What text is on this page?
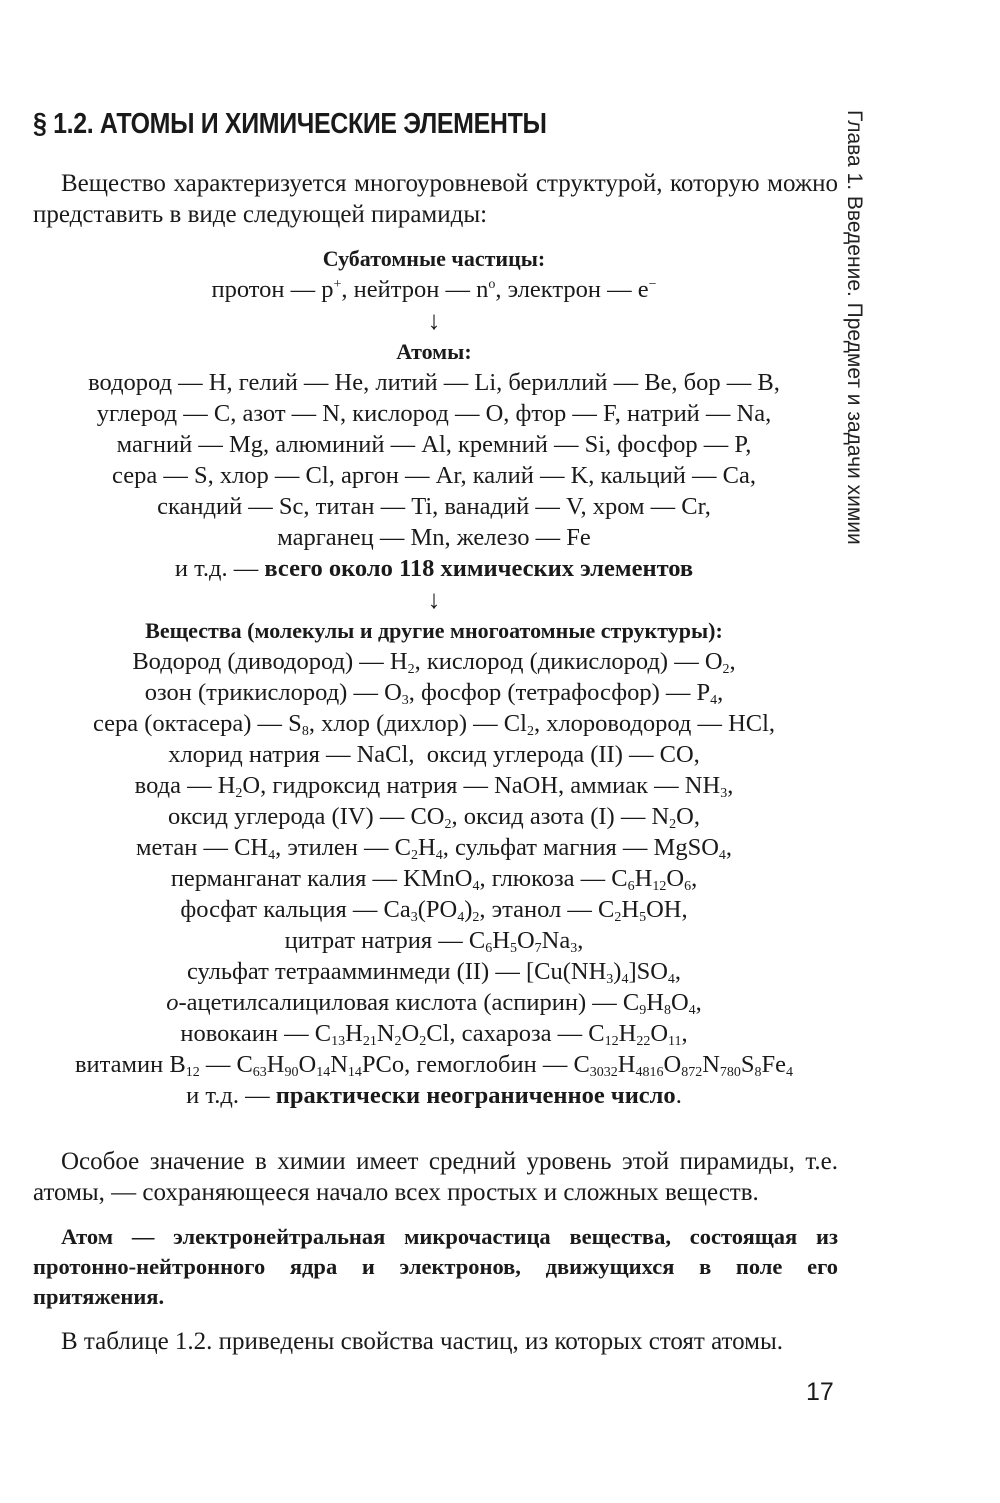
§ 1.2. АТОМЫ И ХИМИЧЕСКИЕ ЭЛЕМЕНТЫ	Глава 1. Введение. Предмет и задачи химии

Вещество характеризуется многоуровневой структурой, которую можно представить в виде следующей пирамиды:

Субатомные частицы:
протон — p+, нейтрон — $n^o$, электрон — e−
↓
Атомы:
водород — H, гелий — He, литий — Li, бериллий — Be, бор — B,
углерод — C, азот — N, кислород — O, фтор — F, натрий — Na,
магний — Mg, алюминий — Al, кремний — Si, фосфор — P,
сера — S, хлор — Cl, аргон — Ar, калий — K, кальций — Ca,
скандий — Sc, титан — Ti, ванадий — V, хром — Cr,
марганец — Mn, железо — Fe
и т.д. — всего около 118 химических элементов
↓
Вещества (молекулы и другие многоатомные структуры):
Водород (диводород) — $H_2$, кислород (дикислород) — $O_2$,
озон (трикислород) — $O_3$, фосфор (тетрафосфор) — $P_4$,
сера (октасера) — $S_8$, хлор (дихлор) — $Cl_2$, хлороводород — HCl,
хлорид натрия — NaCl,  оксид углерода (II) — CO,
вода — $H_2O$, гидроксид натрия — NaOH, аммиак — $NH_3$,
оксид углерода (IV) — $CO_2$, оксид азота (I) — $N_2O$,
метан — $CH_4$, этилен — $C_2H_4$, сульфат магния — MgSO$_4$,
перманганат калия — KMnO$_4$, глюкоза — $C_6H_{12}O_6$,
фосфат кальция — $Ca_3(PO_4)_2$, этанол — $C_2H_5OH$,
цитрат натрия — $C_6H_5O_7Na_3$,
сульфат тетраамминмеди (II) — $[Cu(NH_3)_4]SO_4$,
о-ацетилсалициловая кислота (аспирин) — $C_9H_8O_4$,
новокаин — $C_{13}H_{21}N_2O_2Cl$, сахароза — $C_{12}H_{22}O_{11}$,
витамин $B_{12}$ — $C_{63}H_{90}O_{14}N_{14}PCo$, гемоглобин — $C_{3032}H_{4816}O_{872}N_{780}S_8Fe_4$
и т.д. — практически неограниченное число.

Особое значение в химии имеет средний уровень этой пирамиды, т.е. атомы, — сохраняющееся начало всех простых и сложных веществ.

Атом — электронейтральная микрочастица вещества, состоящая из протонно-нейтронного ядра и электронов, движущихся в поле его притяжения.

В таблице 1.2. приведены свойства частиц, из которых стоят атомы.

17
